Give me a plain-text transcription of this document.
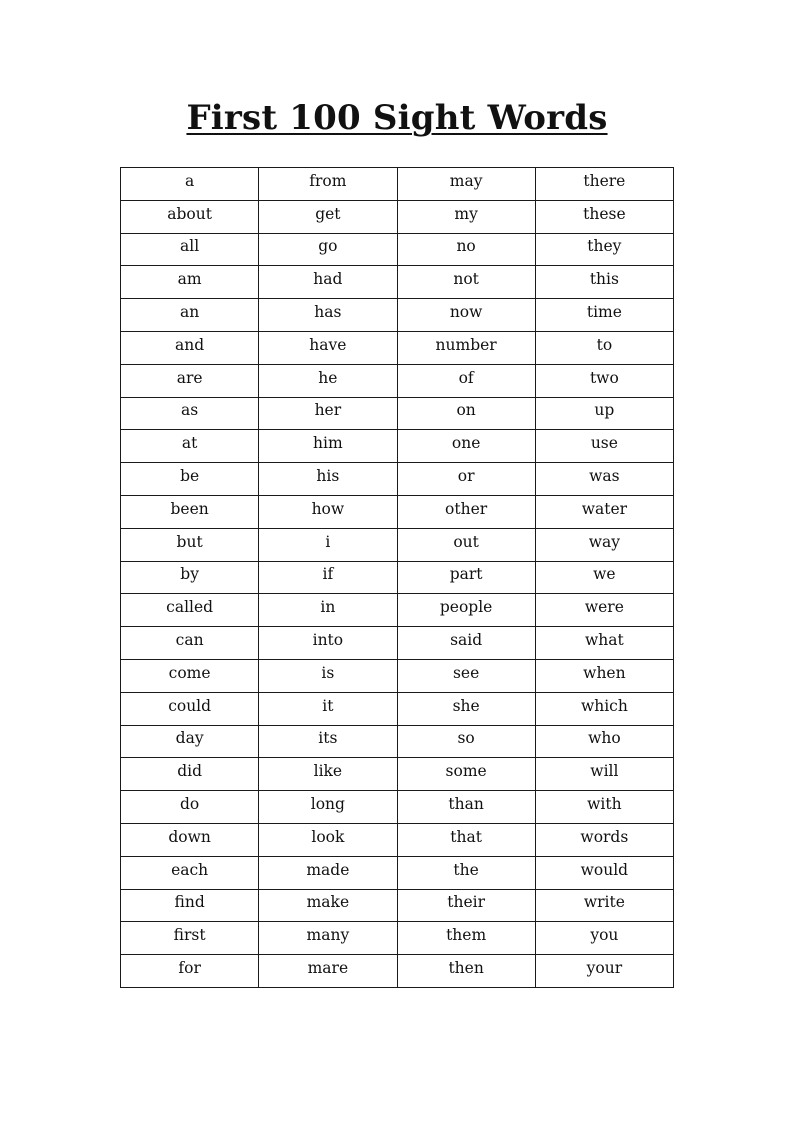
First 100 Sight Words
a	from	may	there
about	get	my	these
all	go	no	they
am	had	not	this
an	has	now	time
and	have	number	to
are	he	of	two
as	her	on	up
at	him	one	use
be	his	or	was
been	how	other	water
but	i	out	way
by	if	part	we
called	in	people	were
can	into	said	what
come	is	see	when
could	it	she	which
day	its	so	who
did	like	some	will
do	long	than	with
down	look	that	words
each	made	the	would
find	make	their	write
first	many	them	you
for	mare	then	your
